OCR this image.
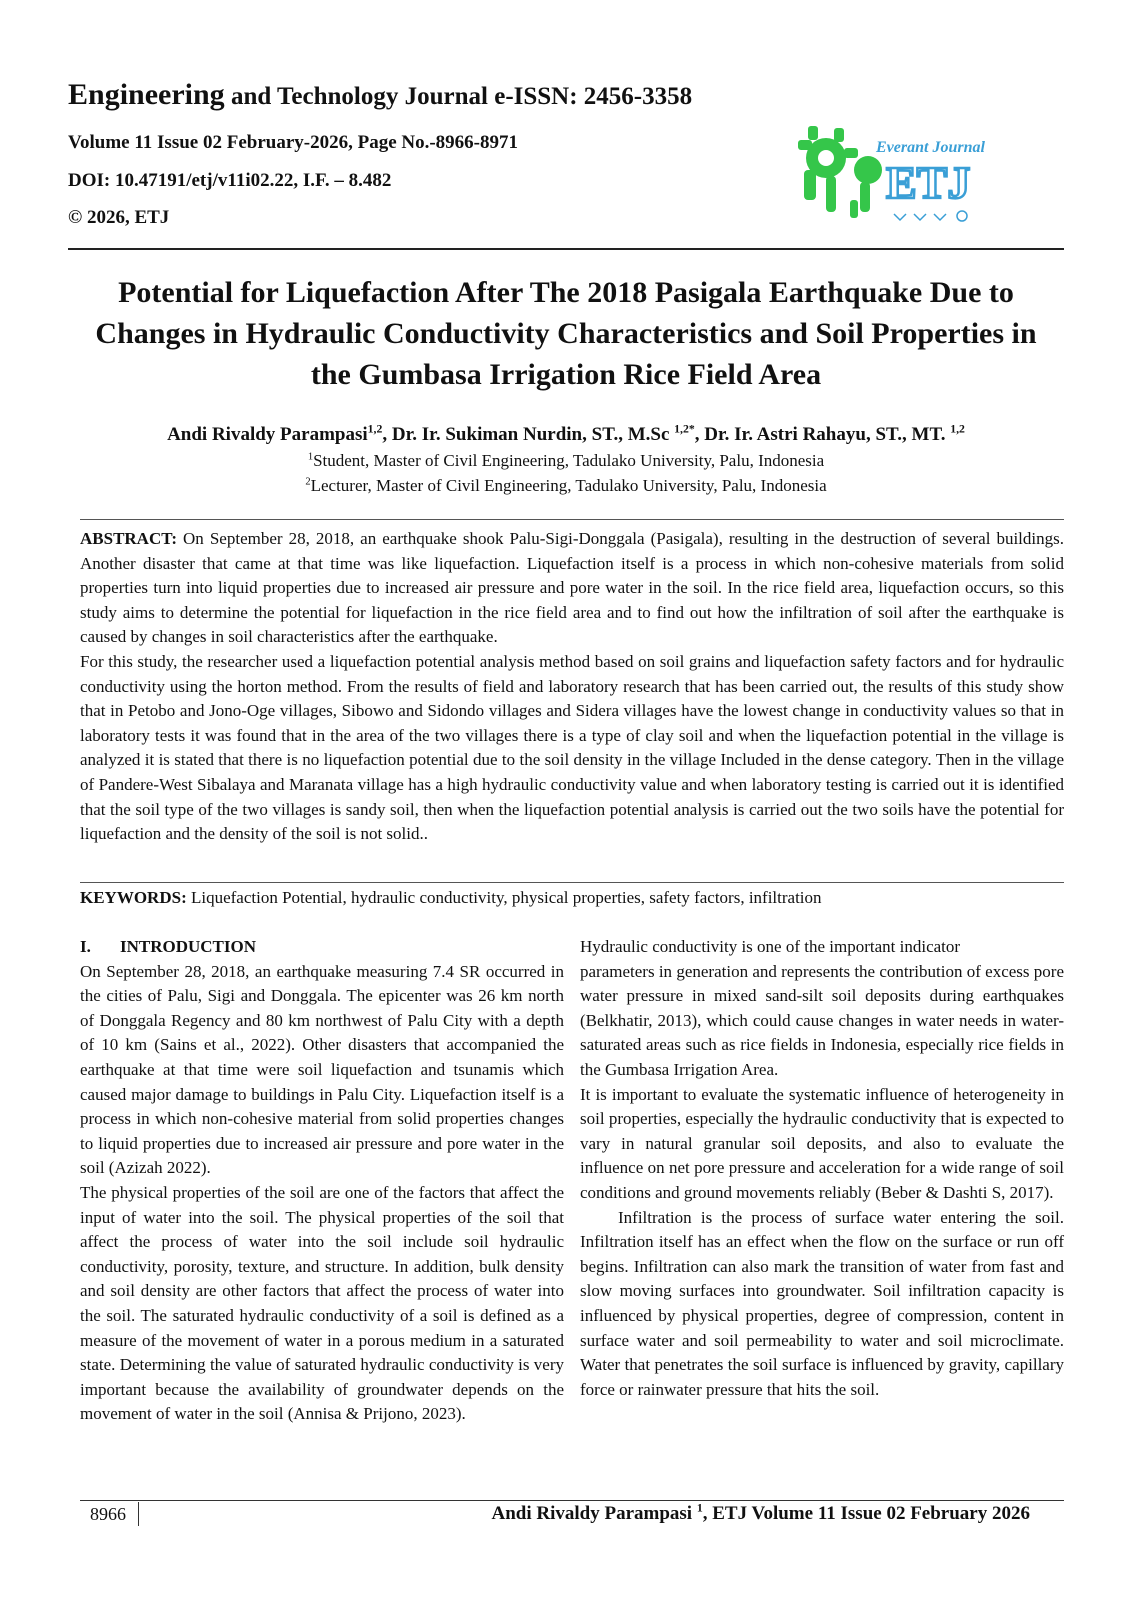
Engineering and Technology Journal e-ISSN: 2456-3358
Volume 11 Issue 02 February-2026, Page No.-8966-8971
DOI: 10.47191/etj/v11i02.22, I.F. – 8.482
© 2026, ETJ
Everant Journal
ETJ
Potential for Liquefaction After The 2018 Pasigala Earthquake Due to
Changes in Hydraulic Conductivity Characteristics and Soil Properties in
the Gumbasa Irrigation Rice Field Area
Andi Rivaldy Parampasi$^{1,2}$, Dr. Ir. Sukiman Nurdin, ST., M.Sc $^{1,2*}$, Dr. Ir. Astri Rahayu, ST., MT. $^{1,2}$
$^1$Student, Master of Civil Engineering, Tadulako University, Palu, Indonesia
$^2$Lecturer, Master of Civil Engineering, Tadulako University, Palu, Indonesia

ABSTRACT: On September 28, 2018, an earthquake shook Palu-Sigi-Donggala (Pasigala), resulting in the destruction of several buildings. Another disaster that came at that time was like liquefaction. Liquefaction itself is a process in which non-cohesive materials from solid properties turn into liquid properties due to increased air pressure and pore water in the soil. In the rice field area, liquefaction occurs, so this study aims to determine the potential for liquefaction in the rice field area and to find out how the infiltration of soil after the earthquake is caused by changes in soil characteristics after the earthquake.

For this study, the researcher used a liquefaction potential analysis method based on soil grains and liquefaction safety factors and for hydraulic conductivity using the horton method. From the results of field and laboratory research that has been carried out, the results of this study show that in Petobo and Jono-Oge villages, Sibowo and Sidondo villages and Sidera villages have the lowest change in conductivity values so that in laboratory tests it was found that in the area of the two villages there is a type of clay soil and when the liquefaction potential in the village is analyzed it is stated that there is no liquefaction potential due to the soil density in the village Included in the dense category. Then in the village of Pandere-West Sibalaya and Maranata village has a high hydraulic conductivity value and when laboratory testing is carried out it is identified that the soil type of the two villages is sandy soil, then when the liquefaction potential analysis is carried out the two soils have the potential for liquefaction and the density of the soil is not solid..

KEYWORDS: Liquefaction Potential, hydraulic conductivity, physical properties, safety factors, infiltration

I. INTRODUCTION

On September 28, 2018, an earthquake measuring 7.4 SR occurred in the cities of Palu, Sigi and Donggala. The epicenter was 26 km north of Donggala Regency and 80 km northwest of Palu City with a depth of 10 km (Sains et al., 2022). Other disasters that accompanied the earthquake at that time were soil liquefaction and tsunamis which caused major damage to buildings in Palu City. Liquefaction itself is a process in which non-cohesive material from solid properties changes to liquid properties due to increased air pressure and pore water in the soil (Azizah 2022).

The physical properties of the soil are one of the factors that affect the input of water into the soil. The physical properties of the soil that affect the process of water into the soil include soil hydraulic conductivity, porosity, texture, and structure. In addition, bulk density and soil density are other factors that affect the process of water into the soil. The saturated hydraulic conductivity of a soil is defined as a measure of the movement of water in a porous medium in a saturated state. Determining the value of saturated hydraulic conductivity is very important because the availability of groundwater depends on the movement of water in the soil (Annisa & Prijono, 2023).

Hydraulic conductivity is one of the important indicator

parameters in generation and represents the contribution of excess pore water pressure in mixed sand-silt soil deposits during earthquakes (Belkhatir, 2013), which could cause changes in water needs in water-saturated areas such as rice fields in Indonesia, especially rice fields in the Gumbasa Irrigation Area.

It is important to evaluate the systematic influence of heterogeneity in soil properties, especially the hydraulic conductivity that is expected to vary in natural granular soil deposits, and also to evaluate the influence on net pore pressure and acceleration for a wide range of soil conditions and ground movements reliably (Beber & Dashti S, 2017).

Infiltration is the process of surface water entering the soil. Infiltration itself has an effect when the flow on the surface or run off begins. Infiltration can also mark the transition of water from fast and slow moving surfaces into groundwater. Soil infiltration capacity is influenced by physical properties, degree of compression, content in surface water and soil permeability to water and soil microclimate. Water that penetrates the soil surface is influenced by gravity, capillary force or rainwater pressure that hits the soil.

8966	Andi Rivaldy Parampasi $^1$, ETJ Volume 11 Issue 02 February 2026
